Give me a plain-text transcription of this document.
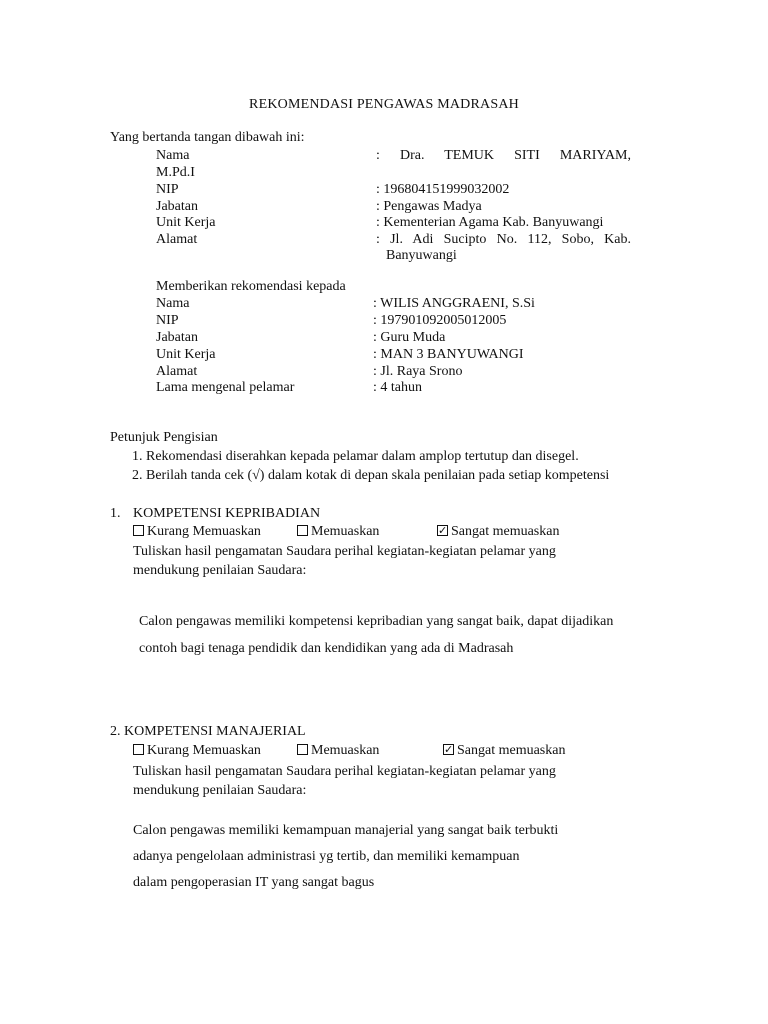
REKOMENDASI PENGAWAS MADRASAH
Yang bertanda tangan dibawah ini:
Nama	: Dra. TEMUK SITI MARIYAM,
M.Pd.I
NIP	: 196804151999032002
Jabatan	: Pengawas Madya
Unit Kerja	: Kementerian Agama Kab. Banyuwangi
Alamat	: Jl. Adi Sucipto No. 112, Sobo, Kab.
Banyuwangi
Memberikan rekomendasi kepada
Nama	: WILIS ANGGRAENI, S.Si
NIP	: 197901092005012005
Jabatan	: Guru Muda
Unit Kerja	: MAN 3 BANYUWANGI
Alamat	: Jl. Raya Srono
Lama mengenal pelamar	: 4 tahun
Petunjuk Pengisian
1. Rekomendasi diserahkan kepada pelamar dalam amplop tertutup dan disegel.
2. Berilah tanda cek (√) dalam kotak di depan skala penilaian pada setiap kompetensi
1. KOMPETENSI KEPRIBADIAN
Kurang Memuaskan	Memuaskan ✓	Sangat memuaskan
Tuliskan hasil pengamatan Saudara perihal kegiatan-kegiatan pelamar yang
mendukung penilaian Saudara:
Calon pengawas memiliki kompetensi kepribadian yang sangat baik, dapat dijadikan
contoh bagi tenaga pendidik dan kendidikan yang ada di Madrasah
2. KOMPETENSI MANAJERIAL
Kurang Memuaskan	Memuaskan ✓	Sangat memuaskan
Tuliskan hasil pengamatan Saudara perihal kegiatan-kegiatan pelamar yang
mendukung penilaian Saudara:
Calon pengawas memiliki kemampuan manajerial yang sangat baik terbukti
adanya pengelolaan administrasi yg tertib, dan memiliki kemampuan
dalam pengoperasian IT yang sangat bagus
